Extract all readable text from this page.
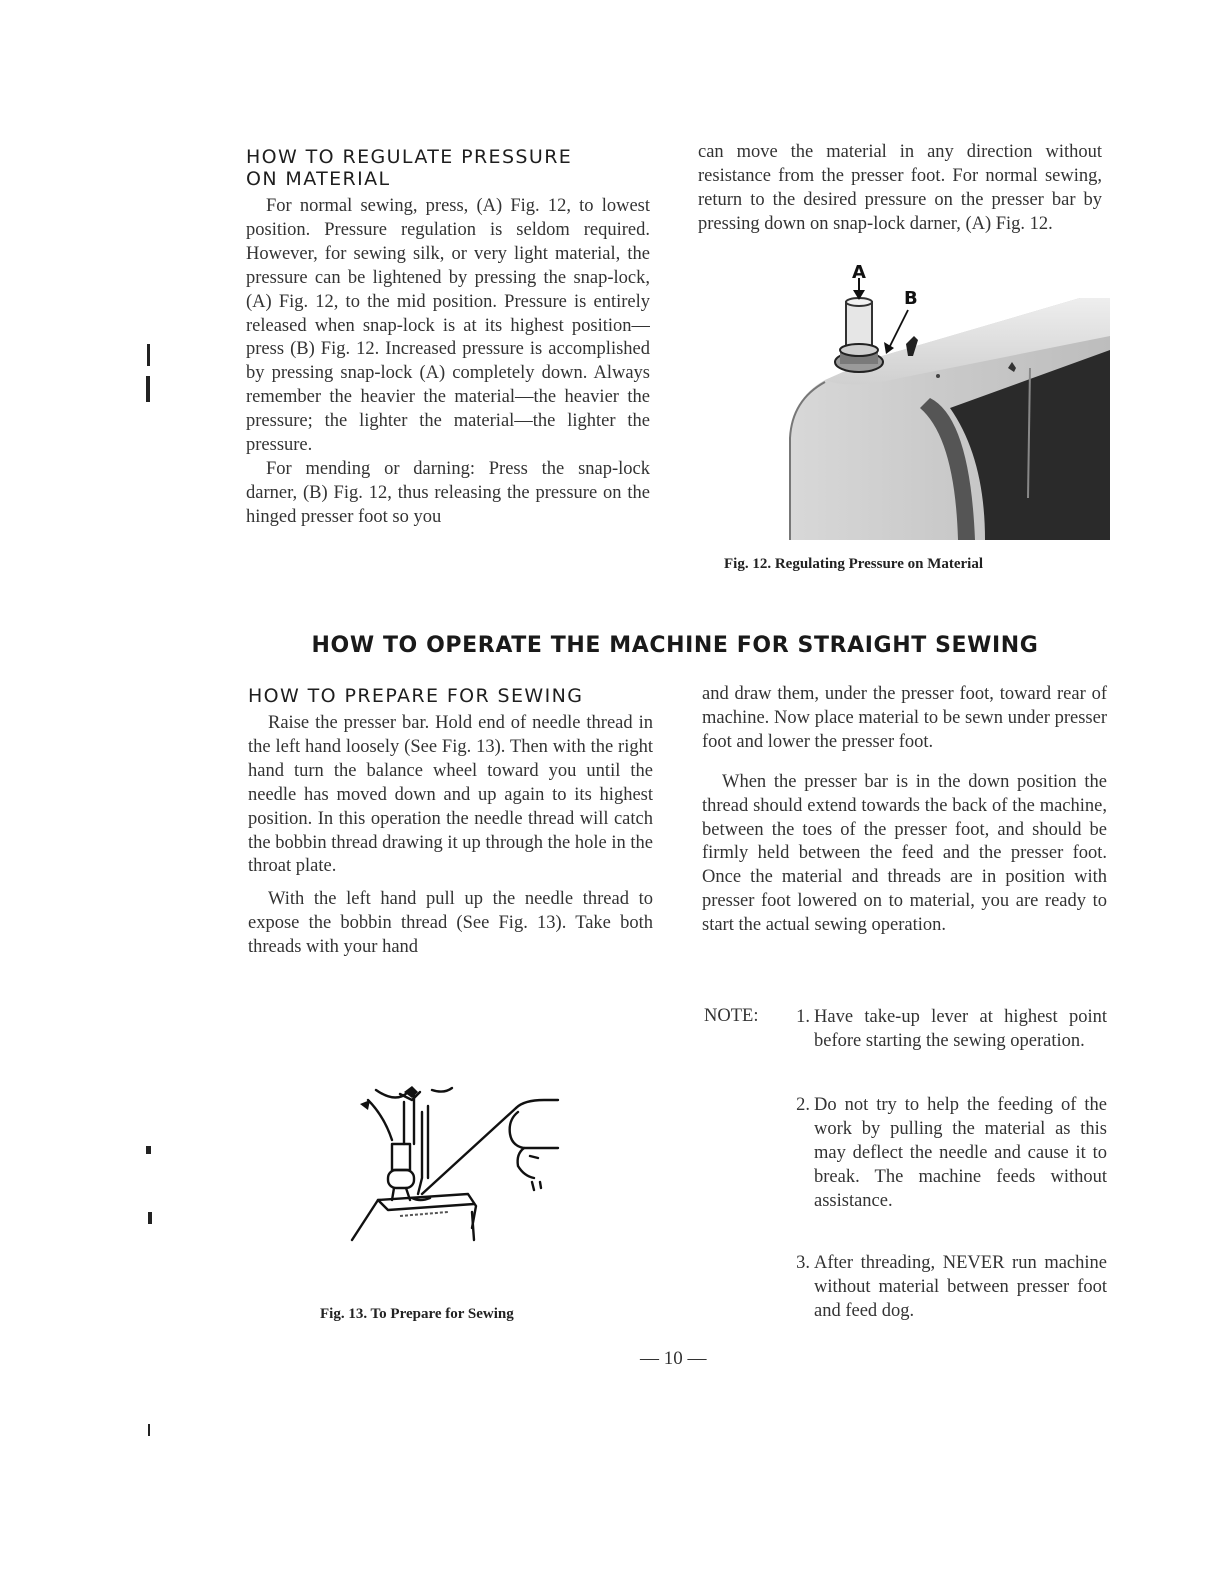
HOW TO REGULATE PRESSURE
ON MATERIAL

For normal sewing, press, (A) Fig. 12, to lowest position. Pressure regulation is seldom required. However, for sewing silk, or very light material, the pressure can be lightened by pressing the snap-lock, (A) Fig. 12, to the mid position. Pressure is entirely released when snap-lock is at its highest position—press (B) Fig. 12. Increased pressure is accomplished by pressing snap-lock (A) completely down. Always remember the heavier the material—the heavier the pressure; the lighter the material—the lighter the pressure.

For mending or darning: Press the snap-lock darner, (B) Fig. 12, thus releasing the pressure on the hinged presser foot so you

can move the material in any direction without resistance from the presser foot. For normal sewing, return to the desired pressure on the presser bar by pressing down on snap-lock darner, (A) Fig. 12.

A
B
Fig. 12. Regulating Pressure on Material
HOW TO OPERATE THE MACHINE FOR STRAIGHT SEWING
HOW TO PREPARE FOR SEWING

Raise the presser bar. Hold end of needle thread in the left hand loosely (See Fig. 13). Then with the right hand turn the balance wheel toward you until the needle has moved down and up again to its highest position. In this operation the needle thread will catch the bobbin thread drawing it up through the hole in the throat plate.

With the left hand pull up the needle thread to expose the bobbin thread (See Fig. 13). Take both threads with your hand

and draw them, under the presser foot, toward rear of machine. Now place material to be sewn under presser foot and lower the presser foot.

When the presser bar is in the down position the thread should extend towards the back of the machine, between the toes of the presser foot, and should be firmly held between the feed and the presser foot. Once the material and threads are in position with presser foot lowered on to material, you are ready to start the actual sewing operation.

NOTE:	1. Have take-up lever at highest point before starting the sewing operation.
2. Do not try to help the feeding of the work by pulling the material as this may deflect the needle and cause it to break. The machine feeds without assistance.
3. After threading, NEVER run machine without material between presser foot and feed dog.
Fig. 13. To Prepare for Sewing
— 10 —
